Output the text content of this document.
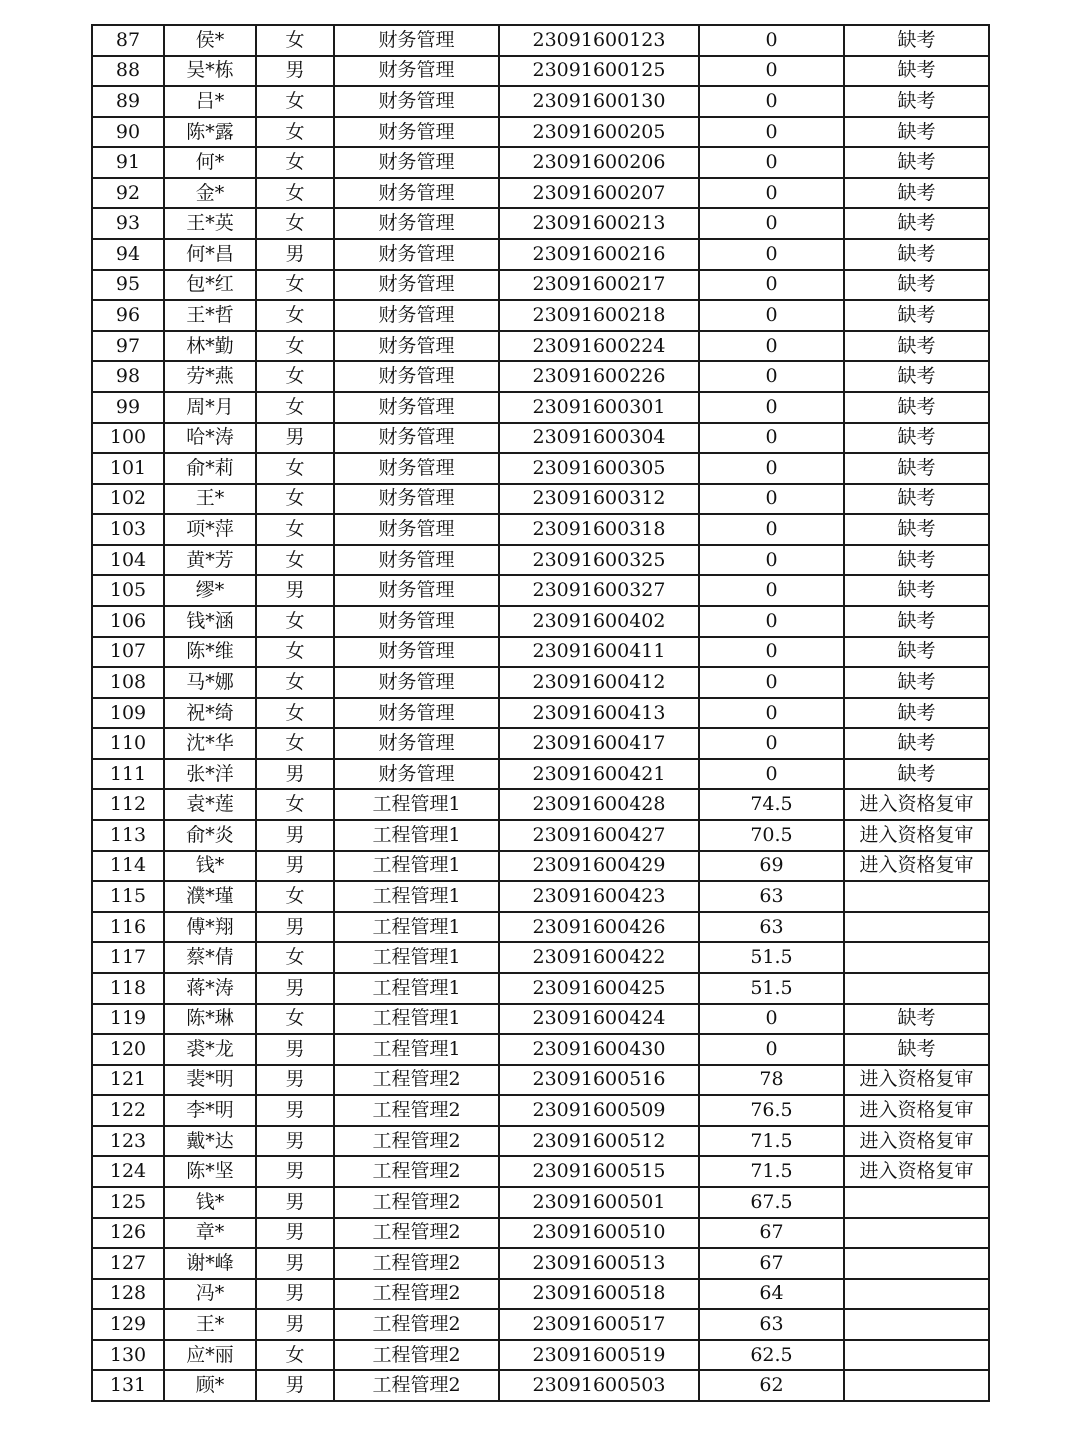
87	侯*	女	财务管理	23091600123	0	缺考
88	吴*栋	男	财务管理	23091600125	0	缺考
89	吕*	女	财务管理	23091600130	0	缺考
90	陈*露	女	财务管理	23091600205	0	缺考
91	何*	女	财务管理	23091600206	0	缺考
92	金*	女	财务管理	23091600207	0	缺考
93	王*英	女	财务管理	23091600213	0	缺考
94	何*昌	男	财务管理	23091600216	0	缺考
95	包*红	女	财务管理	23091600217	0	缺考
96	王*哲	女	财务管理	23091600218	0	缺考
97	林*勤	女	财务管理	23091600224	0	缺考
98	劳*燕	女	财务管理	23091600226	0	缺考
99	周*月	女	财务管理	23091600301	0	缺考
100	哈*涛	男	财务管理	23091600304	0	缺考
101	俞*莉	女	财务管理	23091600305	0	缺考
102	王*	女	财务管理	23091600312	0	缺考
103	项*萍	女	财务管理	23091600318	0	缺考
104	黄*芳	女	财务管理	23091600325	0	缺考
105	缪*	男	财务管理	23091600327	0	缺考
106	钱*涵	女	财务管理	23091600402	0	缺考
107	陈*维	女	财务管理	23091600411	0	缺考
108	马*娜	女	财务管理	23091600412	0	缺考
109	祝*绮	女	财务管理	23091600413	0	缺考
110	沈*华	女	财务管理	23091600417	0	缺考
111	张*洋	男	财务管理	23091600421	0	缺考
112	袁*莲	女	工程管理1	23091600428	74.5	进入资格复审
113	俞*炎	男	工程管理1	23091600427	70.5	进入资格复审
114	钱*	男	工程管理1	23091600429	69	进入资格复审
115	濮*瑾	女	工程管理1	23091600423	63	
116	傅*翔	男	工程管理1	23091600426	63	
117	蔡*倩	女	工程管理1	23091600422	51.5	
118	蒋*涛	男	工程管理1	23091600425	51.5	
119	陈*琳	女	工程管理1	23091600424	0	缺考
120	裘*龙	男	工程管理1	23091600430	0	缺考
121	裴*明	男	工程管理2	23091600516	78	进入资格复审
122	李*明	男	工程管理2	23091600509	76.5	进入资格复审
123	戴*达	男	工程管理2	23091600512	71.5	进入资格复审
124	陈*坚	男	工程管理2	23091600515	71.5	进入资格复审
125	钱*	男	工程管理2	23091600501	67.5	
126	章*	男	工程管理2	23091600510	67	
127	谢*峰	男	工程管理2	23091600513	67	
128	冯*	男	工程管理2	23091600518	64	
129	王*	男	工程管理2	23091600517	63	
130	应*丽	女	工程管理2	23091600519	62.5	
131	顾*	男	工程管理2	23091600503	62	
